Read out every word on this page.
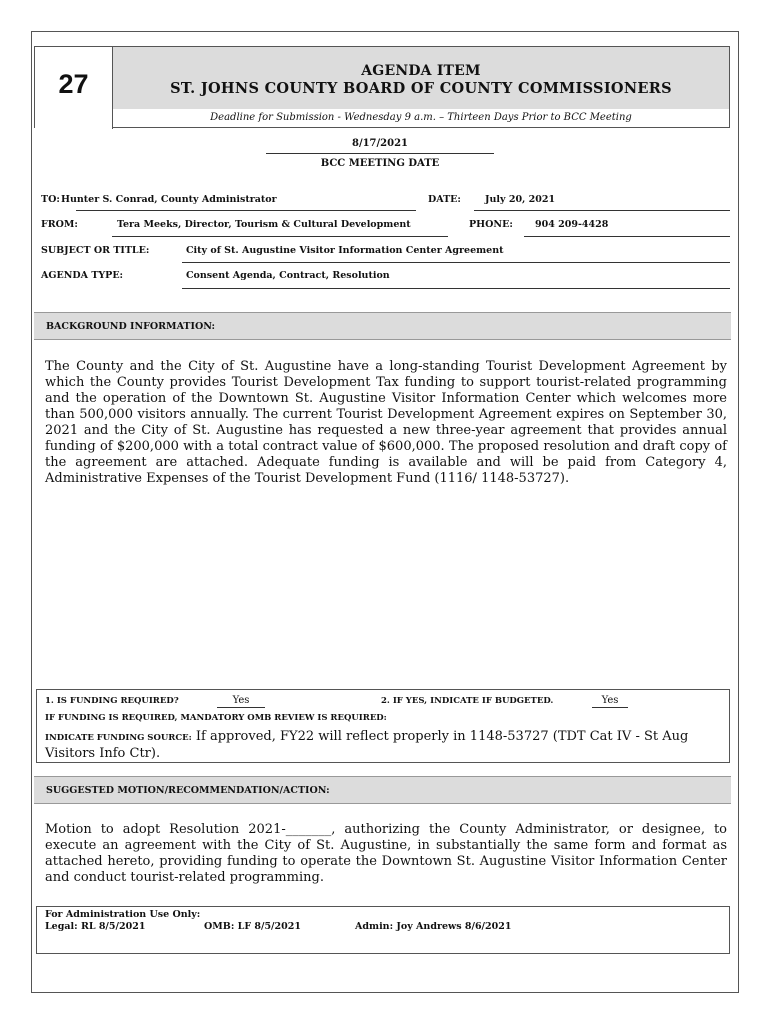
27	AGENDA ITEM
ST. JOHNS COUNTY BOARD OF COUNTY COMMISSIONERS
Deadline for Submission - Wednesday 9 a.m. – Thirteen Days Prior to BCC Meeting
8/17/2021
BCC MEETING DATE
TO: Hunter S. Conrad, County Administrator	DATE:	July 20, 2021
FROM:	Tera Meeks, Director, Tourism & Cultural Development	PHONE: 904 209-4428
SUBJECT OR TITLE:	City of St. Augustine Visitor Information Center Agreement
AGENDA TYPE:	Consent Agenda, Contract, Resolution
BACKGROUND INFORMATION:
The County and the City of St. Augustine have a long-standing Tourist Development Agreement by which the County provides Tourist Development Tax funding to support tourist-related programming and the operation of the Downtown St. Augustine Visitor Information Center which welcomes more than 500,000 visitors annually. The current Tourist Development Agreement expires on September 30, 2021 and the City of St. Augustine has requested a new three-year agreement that provides annual funding of $200,000 with a total contract value of $600,000. The proposed resolution and draft copy of the agreement are attached. Adequate funding is available and will be paid from Category 4, Administrative Expenses of the Tourist Development Fund (1116/ 1148-53727).
1. IS FUNDING REQUIRED?	Yes	2. IF YES, INDICATE IF BUDGETED.	Yes
IF FUNDING IS REQUIRED, MANDATORY OMB REVIEW IS REQUIRED:
INDICATE FUNDING SOURCE: If approved, FY22 will reflect properly in 1148-53727 (TDT Cat IV - St Aug Visitors Info Ctr).
SUGGESTED MOTION/RECOMMENDATION/ACTION:
Motion to adopt Resolution 2021-_______, authorizing the County Administrator, or designee, to execute an agreement with the City of St. Augustine, in substantially the same form and format as attached hereto, providing funding to operate the Downtown St. Augustine Visitor Information Center and conduct tourist-related programming.
For Administration Use Only:
Legal: RL 8/5/2021	OMB: LF 8/5/2021	Admin: Joy Andrews 8/6/2021
